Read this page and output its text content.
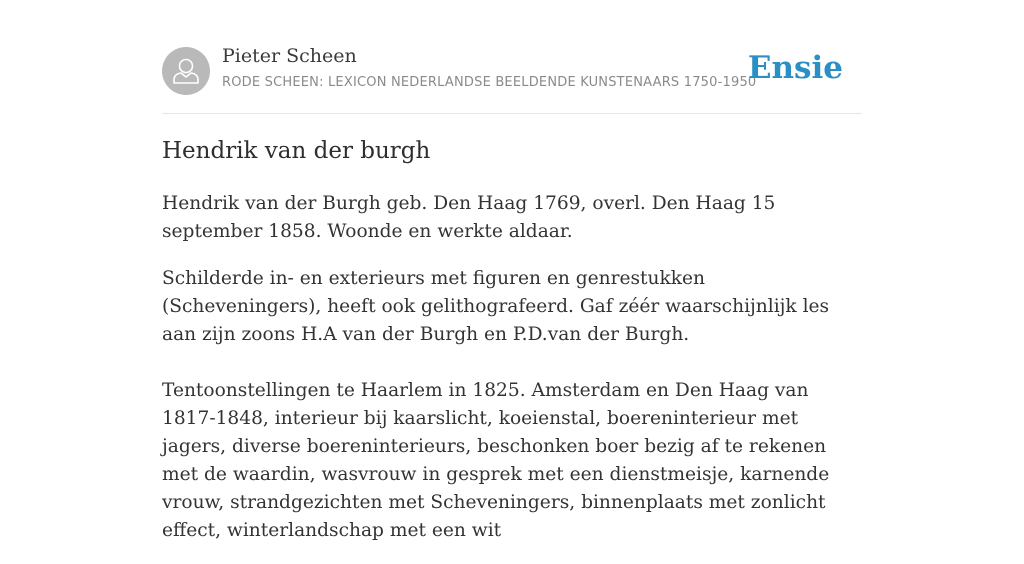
Pieter Scheen
RODE SCHEEN: LEXICON NEDERLANDSE BEELDENDE KUNSTENAARS 1750-1950
Ensie
Hendrik van der burgh

Hendrik van der Burgh geb. Den Haag 1769, overl. Den Haag 15 september 1858. Woonde en werkte aldaar.

Schilderde in- en exterieurs met figuren en genrestukken (Scheveningers), heeft ook gelithografeerd. Gaf zéér waarschijnlijk les aan zijn zoons H.A van der Burgh en P.D.van der Burgh.

Tentoonstellingen te Haarlem in 1825. Amsterdam en Den Haag van 1817-1848, interieur bij kaarslicht, koeienstal, boereninterieur met jagers, diverse boereninterieurs, beschonken boer bezig af te rekenen met de waardin, wasvrouw in gesprek met een dienstmeisje, karnende vrouw, strandgezichten met Scheveningers, binnenplaats met zonlicht effect, winterlandschap met een wit
